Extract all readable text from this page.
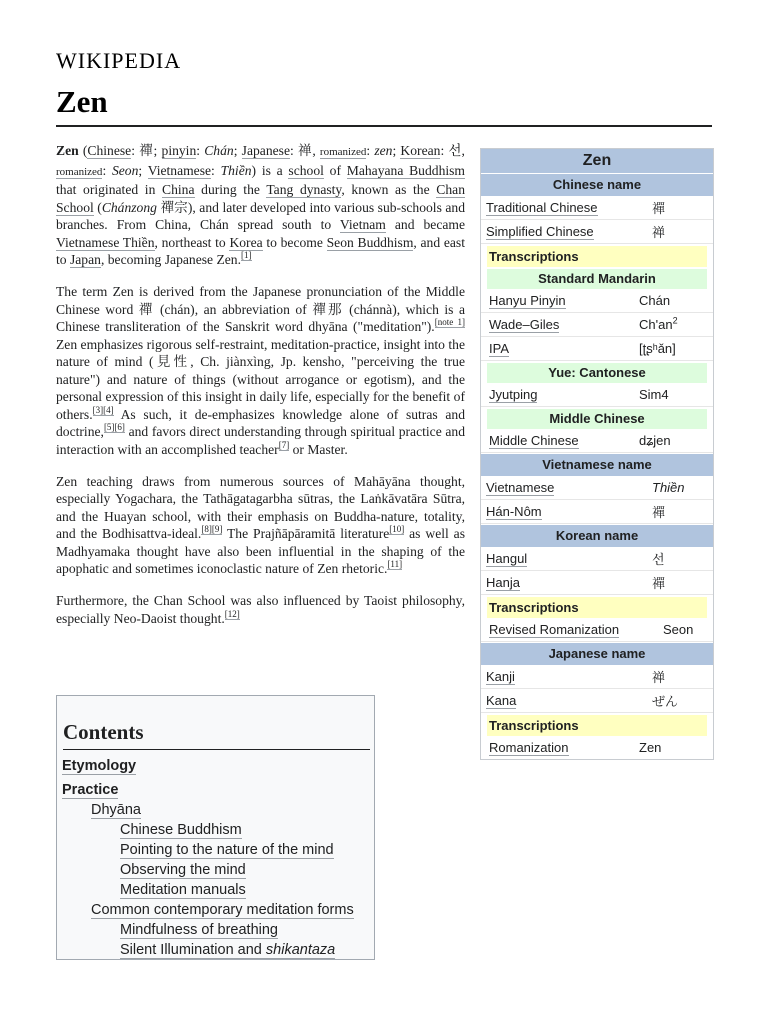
WIKIPEDIA
Zen

Zen (Chinese: 禪; pinyin: Chán; Japanese: 禅, romanized: zen; Korean: 선, romanized: Seon; Vietnamese: Thiền) is a school of Mahayana Buddhism that originated in China during the Tang dynasty, known as the Chan School (Chánzong 禪宗), and later developed into various sub-schools and branches. From China, Chán spread south to Vietnam and became Vietnamese Thiền, northeast to Korea to become Seon Buddhism, and east to Japan, becoming Japanese Zen.[1]

The term Zen is derived from the Japanese pronunciation of the Middle Chinese word 禪 (chán), an abbreviation of 禪那 (chánnà), which is a Chinese transliteration of the Sanskrit word dhyāna ("meditation").[note 1] Zen emphasizes rigorous self-restraint, meditation-practice, insight into the nature of mind (見性, Ch. jiànxìng, Jp. kensho, "perceiving the true nature") and nature of things (without arrogance or egotism), and the personal expression of this insight in daily life, especially for the benefit of others.[3][4] As such, it de-emphasizes knowledge alone of sutras and doctrine,[5][6] and favors direct understanding through spiritual practice and interaction with an accomplished teacher[7] or Master.

Zen teaching draws from numerous sources of Mahāyāna thought, especially Yogachara, the Tathāgatagarbha sūtras, the Laṅkāvatāra Sūtra, and the Huayan school, with their emphasis on Buddha-nature, totality, and the Bodhisattva-ideal.[8][9] The Prajñāpāramitā literature[10] as well as Madhyamaka thought have also been influential in the shaping of the apophatic and sometimes iconoclastic nature of Zen rhetoric.[11]

Furthermore, the Chan School was also influenced by Taoist philosophy, especially Neo-Daoist thought.[12]

Zen
Chinese name
Traditional Chinese	禪
Simplified Chinese	禅
Transcriptions
Standard Mandarin
Hanyu Pinyin	Chán
Wade–Giles	$Ch'an^2$
IPA	[ʈʂʰǎn]
Yue: Cantonese
Jyutping	Sim4
Middle Chinese
Middle Chinese	dʑjen
Vietnamese name
Vietnamese	Thiền
Hán-Nôm	禪
Korean name
Hangul	선
Hanja	禪
Transcriptions
Revised Romanization	Seon
Japanese name
Kanji	禅
Kana	ぜん
Transcriptions
Romanization	Zen
Contents
Etymology
Practice
Dhyāna
Chinese Buddhism
Pointing to the nature of the mind
Observing the mind
Meditation manuals
Common contemporary meditation forms
Mindfulness of breathing
Silent Illumination and shikantaza
